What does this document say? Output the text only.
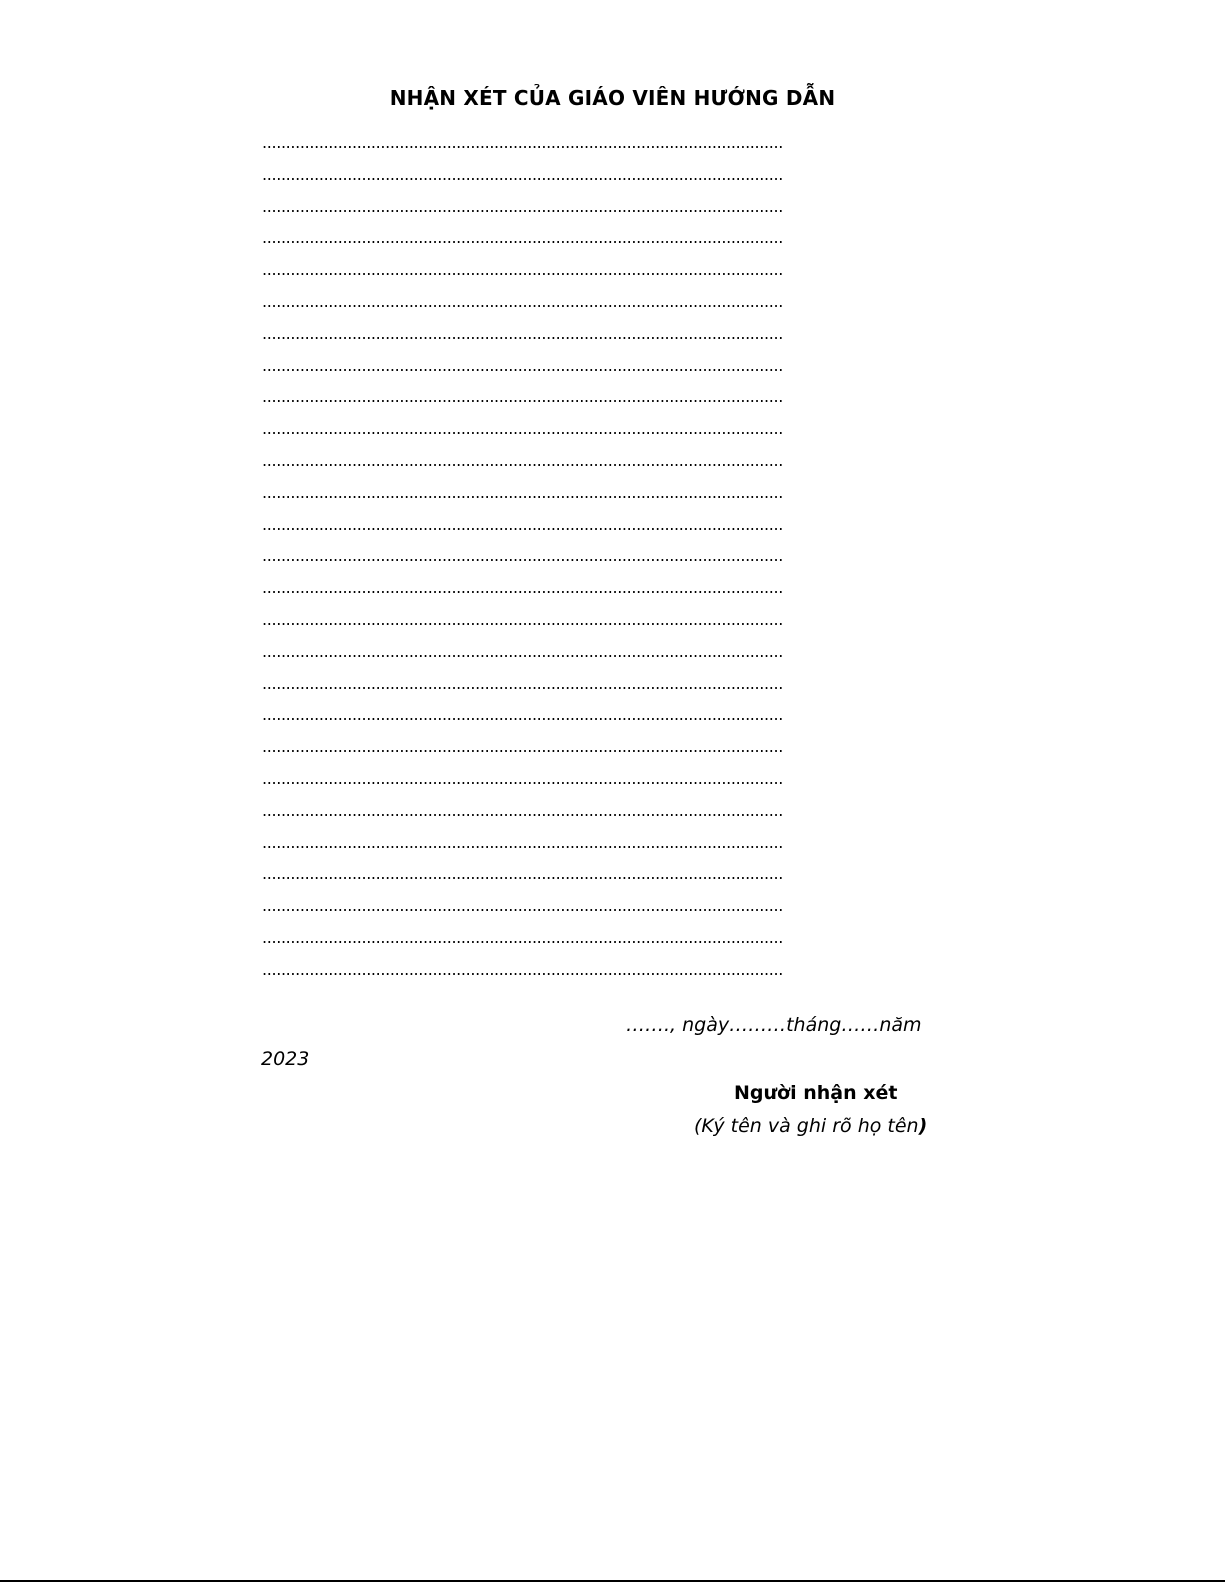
NHẬN XÉT CỦA GIÁO VIÊN HƯỚNG DẪN
..............................................................................................................
..............................................................................................................
..............................................................................................................
..............................................................................................................
..............................................................................................................
..............................................................................................................
..............................................................................................................
..............................................................................................................
..............................................................................................................
..............................................................................................................
..............................................................................................................
..............................................................................................................
..............................................................................................................
..............................................................................................................
..............................................................................................................
..............................................................................................................
..............................................................................................................
..............................................................................................................
..............................................................................................................
..............................................................................................................
..............................................................................................................
..............................................................................................................
..............................................................................................................
..............................................................................................................
..............................................................................................................
..............................................................................................................
..............................................................................................................
……., ngày………tháng……năm
2023
Người nhận xét
(Ký tên và ghi rõ họ tên)
